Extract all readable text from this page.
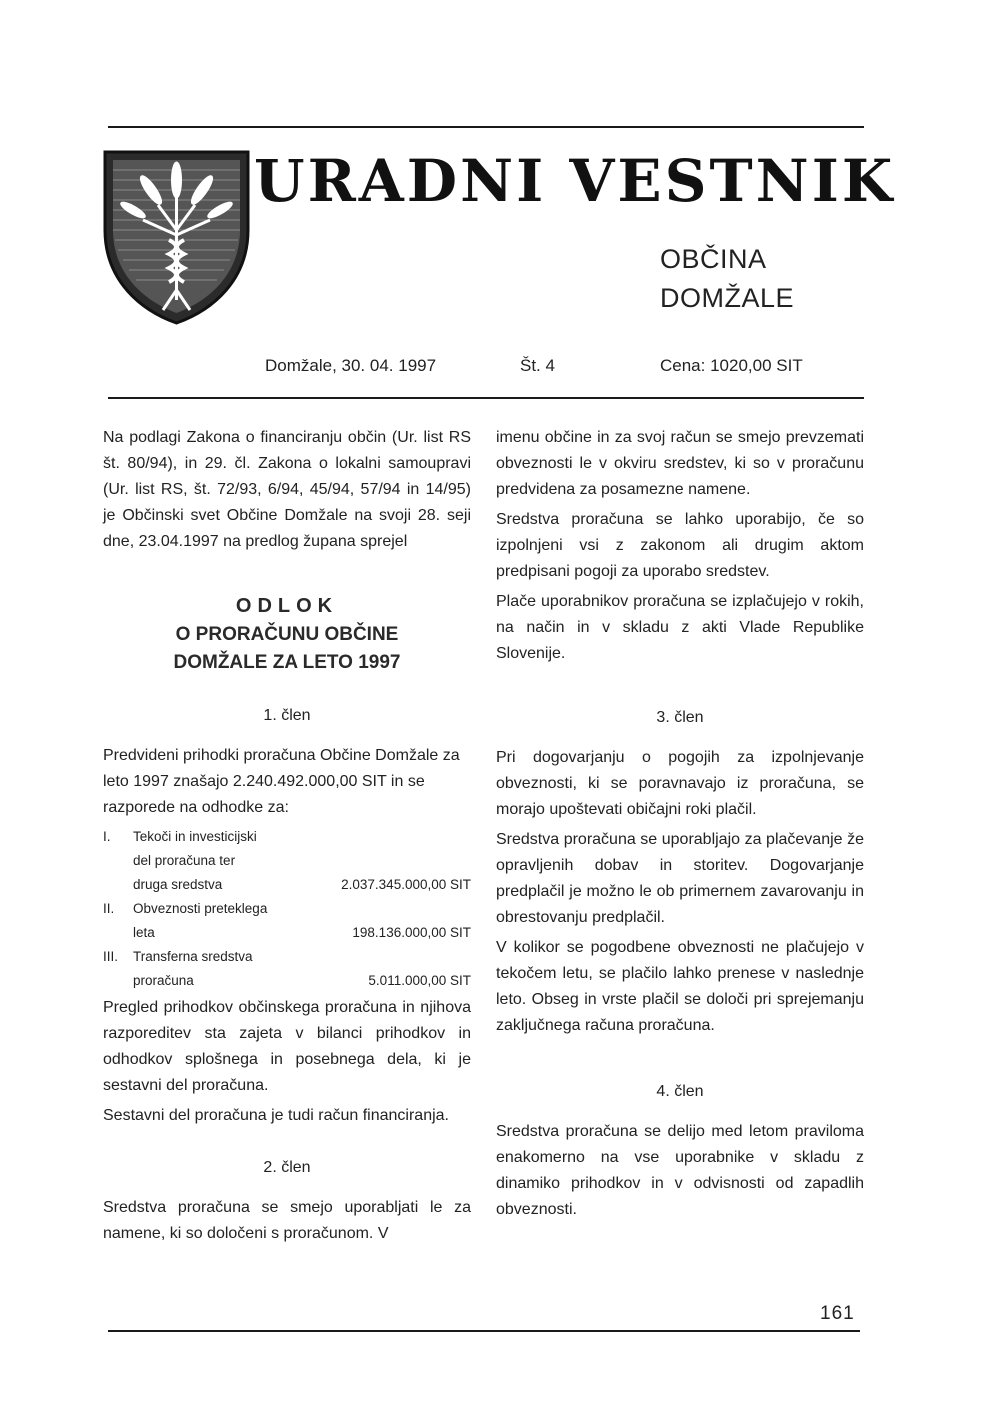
URADNI VESTNIK
OBČINA
DOMŽALE
Domžale, 30. 04. 1997	Št. 4	Cena: 1020,00 SIT

Na podlagi Zakona o financiranju občin (Ur. list RS št. 80/94), in 29. čl. Zakona o lokalni samoupravi (Ur. list RS, št. 72/93, 6/94, 45/94, 57/94 in 14/95) je Občinski svet Občine Domžale na svoji 28. seji dne, 23.04.1997 na predlog župana sprejel

ODLOK
O PRORAČUNU OBČINE
DOMŽALE ZA LETO 1997
1. člen

Predvideni prihodki proračuna Občine Domžale za leto 1997 znašajo 2.240.492.000,00 SIT in se razporede na odhodke za:

I.	Tekoči in investicijski
del proračuna ter
druga sredstva	2.037.345.000,00 SIT
II.	Obveznosti preteklega
leta	198.136.000,00 SIT
III.	Transferna sredstva
proračuna	5.011.000,00 SIT

Pregled prihodkov občinskega proračuna in njihova razporeditev sta zajeta v bilanci prihodkov in odhodkov splošnega in posebnega dela, ki je sestavni del proračuna.

Sestavni del proračuna je tudi račun financiranja.

2. člen

Sredstva proračuna se smejo uporabljati le za namene, ki so določeni s proračunom. V

imenu občine in za svoj račun se smejo prevzemati obveznosti le v okviru sredstev, ki so v proračunu predvidena za posamezne namene.

Sredstva proračuna se lahko uporabijo, če so izpolnjeni vsi z zakonom ali drugim aktom predpisani pogoji za uporabo sredstev.

Plače uporabnikov proračuna se izplačujejo v rokih, na način in v skladu z akti Vlade Republike Slovenije.

3. člen

Pri dogovarjanju o pogojih za izpolnjevanje obveznosti, ki se poravnavajo iz proračuna, se morajo upoštevati običajni roki plačil.

Sredstva proračuna se uporabljajo za plačevanje že opravljenih dobav in storitev. Dogovarjanje predplačil je možno le ob primernem zavarovanju in obrestovanju predplačil.

V kolikor se pogodbene obveznosti ne plačujejo v tekočem letu, se plačilo lahko prenese v naslednje leto. Obseg in vrste plačil se določi pri sprejemanju zaključnega računa proračuna.

4. člen

Sredstva proračuna se delijo med letom praviloma enakomerno na vse uporabnike v skladu z dinamiko prihodkov in v odvisnosti od zapadlih obveznosti.

161
